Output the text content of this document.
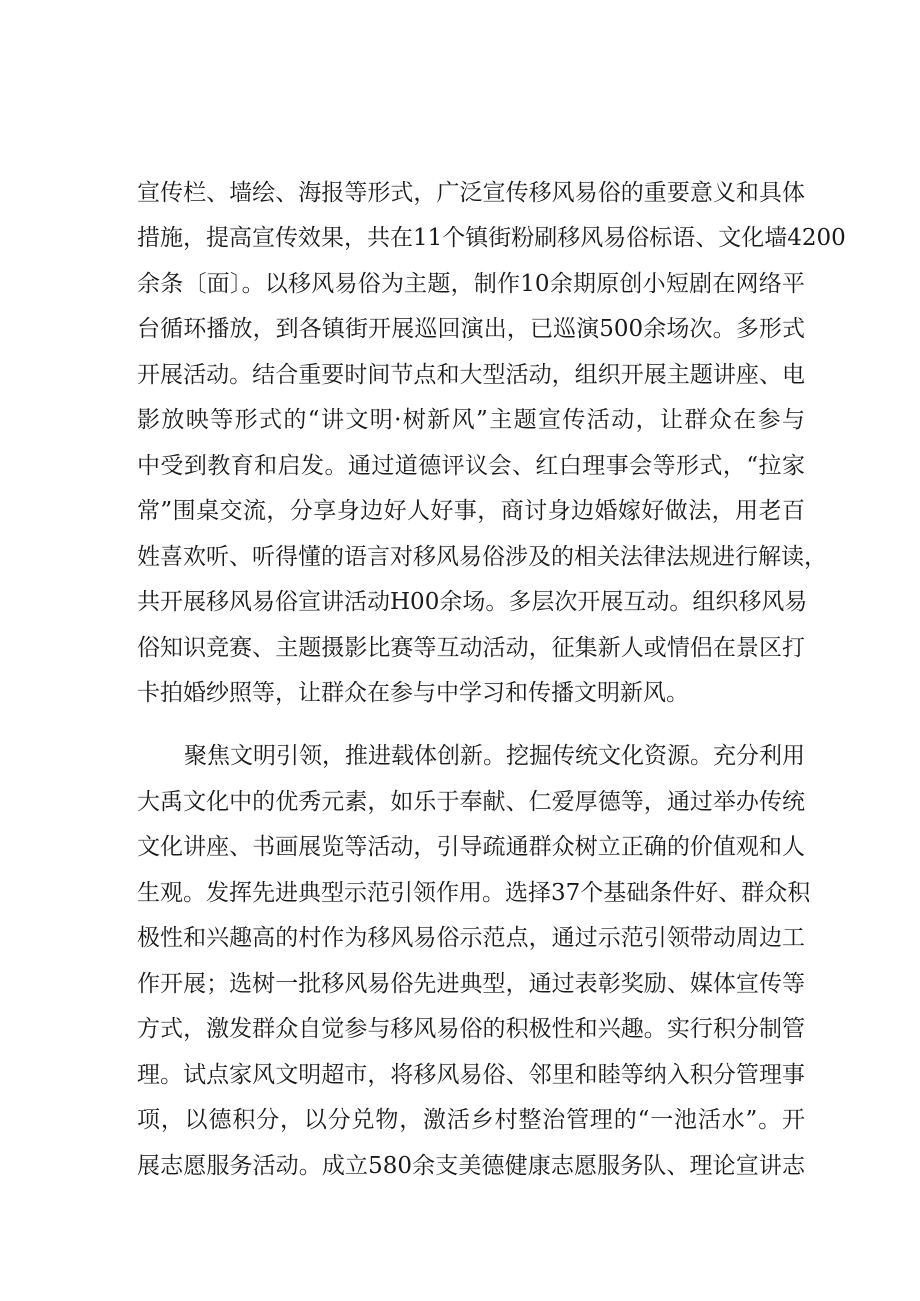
宣传栏、墙绘、海报等形式，广泛宣传移风易俗的重要意义和具体
措施，提高宣传效果，共在11个镇街粉刷移风易俗标语、文化墙4200
余条〔面〕。以移风易俗为主题，制作10余期原创小短剧在网络平
台循环播放，到各镇街开展巡回演出，已巡演500余场次。多形式
开展活动。结合重要时间节点和大型活动，组织开展主题讲座、电
影放映等形式的“讲文明·树新风”主题宣传活动，让群众在参与
中受到教育和启发。通过道德评议会、红白理事会等形式，“拉家
常”围桌交流，分享身边好人好事，商讨身边婚嫁好做法，用老百
姓喜欢听、听得懂的语言对移风易俗涉及的相关法律法规进行解读，
共开展移风易俗宣讲活动H00余场。多层次开展互动。组织移风易
俗知识竞赛、主题摄影比赛等互动活动，征集新人或情侣在景区打
卡拍婚纱照等，让群众在参与中学习和传播文明新风。
聚焦文明引领，推进载体创新。挖掘传统文化资源。充分利用
大禹文化中的优秀元素，如乐于奉献、仁爱厚德等，通过举办传统
文化讲座、书画展览等活动，引导疏通群众树立正确的价值观和人
生观。发挥先进典型示范引领作用。选择37个基础条件好、群众积
极性和兴趣高的村作为移风易俗示范点，通过示范引领带动周边工
作开展；选树一批移风易俗先进典型，通过表彰奖励、媒体宣传等
方式，激发群众自觉参与移风易俗的积极性和兴趣。实行积分制管
理。试点家风文明超市，将移风易俗、邻里和睦等纳入积分管理事
项，以德积分，以分兑物，激活乡村整治管理的“一池活水”。开
展志愿服务活动。成立580余支美德健康志愿服务队、理论宣讲志
